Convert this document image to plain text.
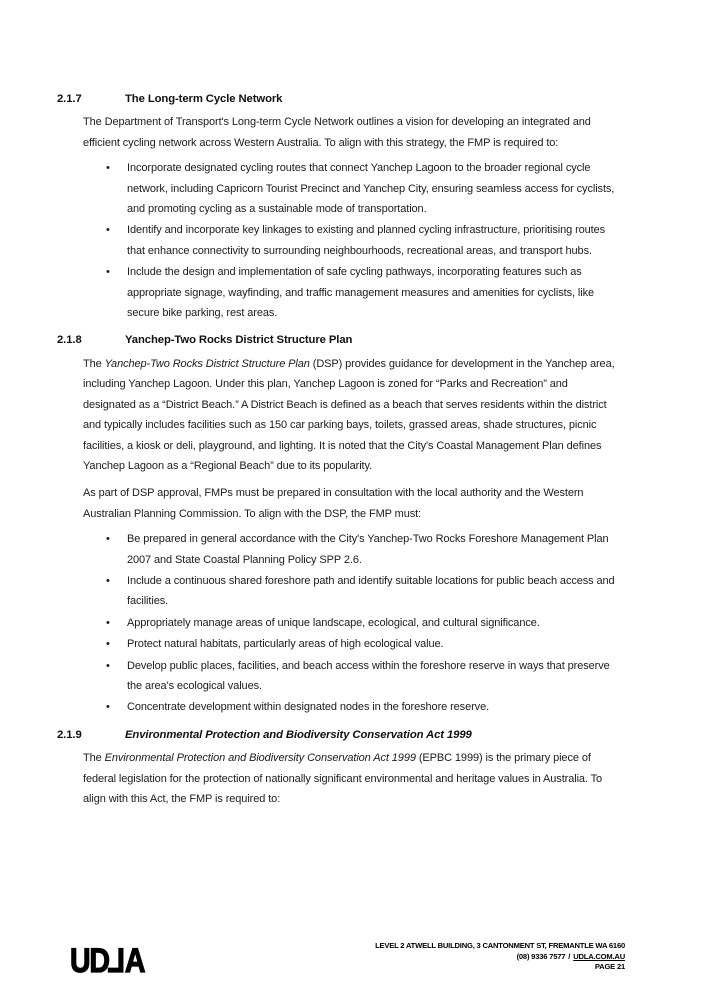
2.1.7	The Long-term Cycle Network

The Department of Transport's Long-term Cycle Network outlines a vision for developing an integrated and efficient cycling network across Western Australia. To align with this strategy, the FMP is required to:

•	Incorporate designated cycling routes that connect Yanchep Lagoon to the broader regional cycle network, including Capricorn Tourist Precinct and Yanchep City, ensuring seamless access for cyclists, and promoting cycling as a sustainable mode of transportation.
•	Identify and incorporate key linkages to existing and planned cycling infrastructure, prioritising routes that enhance connectivity to surrounding neighbourhoods, recreational areas, and transport hubs.
•	Include the design and implementation of safe cycling pathways, incorporating features such as appropriate signage, wayfinding, and traffic management measures and amenities for cyclists, like secure bike parking, rest areas.
2.1.8	Yanchep-Two Rocks District Structure Plan

The Yanchep-Two Rocks District Structure Plan (DSP) provides guidance for development in the Yanchep area, including Yanchep Lagoon. Under this plan, Yanchep Lagoon is zoned for “Parks and Recreation” and designated as a “District Beach.” A District Beach is defined as a beach that serves residents within the district and typically includes facilities such as 150 car parking bays, toilets, grassed areas, shade structures, picnic facilities, a kiosk or deli, playground, and lighting. It is noted that the City's Coastal Management Plan defines Yanchep Lagoon as a “Regional Beach” due to its popularity.

As part of DSP approval, FMPs must be prepared in consultation with the local authority and the Western Australian Planning Commission. To align with the DSP, the FMP must:

•	Be prepared in general accordance with the City's Yanchep-Two Rocks Foreshore Management Plan 2007 and State Coastal Planning Policy SPP 2.6.
•	Include a continuous shared foreshore path and identify suitable locations for public beach access and facilities.
•	Appropriately manage areas of unique landscape, ecological, and cultural significance.
•	Protect natural habitats, particularly areas of high ecological value.
•	Develop public places, facilities, and beach access within the foreshore reserve in ways that preserve the area's ecological values.
•	Concentrate development within designated nodes in the foreshore reserve.
2.1.9	Environmental Protection and Biodiversity Conservation Act 1999

The Environmental Protection and Biodiversity Conservation Act 1999 (EPBC 1999) is the primary piece of federal legislation for the protection of nationally significant environmental and heritage values in Australia. To align with this Act, the FMP is required to:

UDLA	LEVEL 2 ATWELL BUILDING, 3 CANTONMENT ST, FREMANTLE WA 6160
(08) 9336 7577 / UDLA.COM.AU
PAGE 21
